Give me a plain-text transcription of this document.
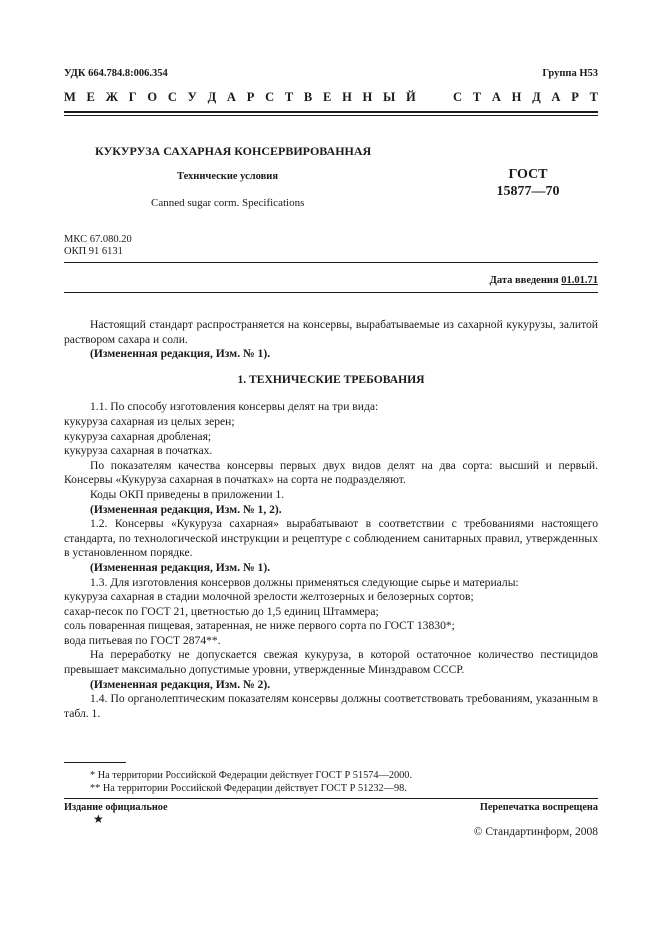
УДК 664.784.8:006.354	Группа Н53
М Е Ж Г О С У Д А Р С Т В Е Н Н Ы Й	С Т А Н Д А Р Т
КУКУРУЗА САХАРНАЯ КОНСЕРВИРОВАННАЯ
Технические условия
Canned sugar corm. Specifications
ГОСТ
15877—70
МКС 67.080.20
ОКП 91 6131
Дата введения 01.01.71

Настоящий стандарт распространяется на консервы, вырабатываемые из сахарной кукурузы, залитой раствором сахара и соли.

(Измененная редакция, Изм. № 1).

1. ТЕХНИЧЕСКИЕ ТРЕБОВАНИЯ

1.1. По способу изготовления консервы делят на три вида:

кукуруза сахарная из целых зерен;

кукуруза сахарная дробленая;

кукуруза сахарная в початках.

По показателям качества консервы первых двух видов делят на два сорта: высший и первый. Консервы «Кукуруза сахарная в початках» на сорта не подразделяют.

Коды ОКП приведены в приложении 1.

(Измененная редакция, Изм. № 1, 2).

1.2. Консервы «Кукуруза сахарная» вырабатывают в соответствии с требованиями настоящего стандарта, по технологической инструкции и рецептуре с соблюдением санитарных правил, утвержденных в установленном порядке.

(Измененная редакция, Изм. № 1).

1.3. Для изготовления консервов должны применяться следующие сырье и материалы:

кукуруза сахарная в стадии молочной зрелости желтозерных и белозерных сортов;

сахар-песок по ГОСТ 21, цветностью до 1,5 единиц Штаммера;

соль поваренная пищевая, затаренная, не ниже первого сорта по ГОСТ 13830*;

вода питьевая по ГОСТ 2874**.

На переработку не допускается свежая кукуруза, в которой остаточное количество пестицидов превышает максимально допустимые уровни, утвержденные Минздравом СССР.

(Измененная редакция, Изм. № 2).

1.4. По органолептическим показателям консервы должны соответствовать требованиям, указанным в табл. 1.

* На территории Российской Федерации действует ГОСТ Р 51574—2000.
** На территории Российской Федерации действует ГОСТ Р 51232—98.
Издание официальное	Перепечатка воспрещена
★
© Стандартинформ, 2008
